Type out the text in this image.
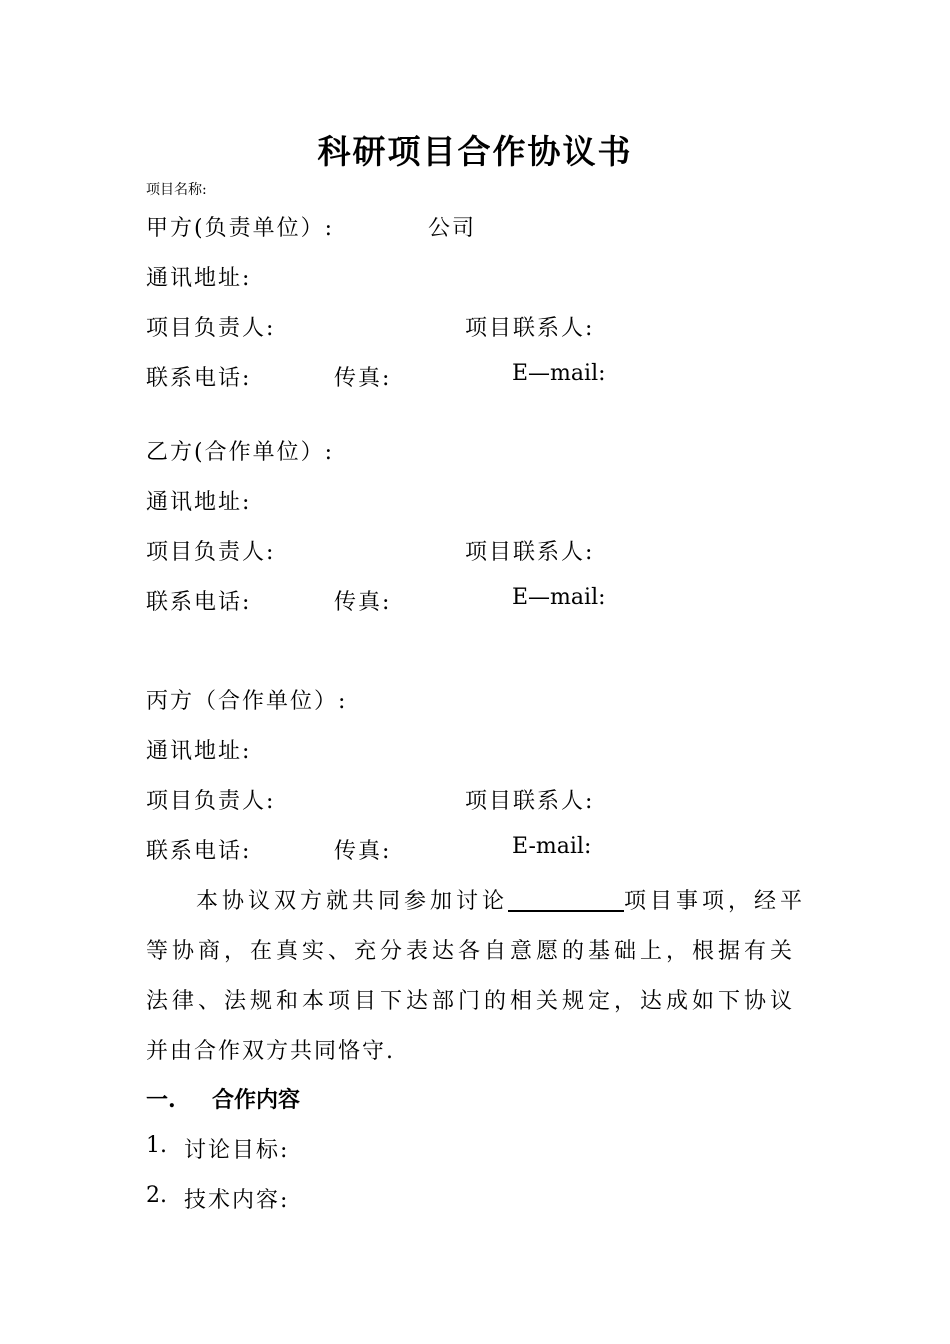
科研项目合作协议书
项目名称:
甲方(负责单位）:	公司
通讯地址:
项目负责人:	项目联系人:
联系电话:	传真:	E—mail:
乙方(合作单位）:
通讯地址:
项目负责人:	项目联系人:
联系电话:	传真:	E—mail:
丙方（合作单位）:
通讯地址:
项目负责人:	项目联系人:
联系电话:	传真:	E-mail:
本协议双方就共同参加讨论	项目事项，经平
等协商，在真实、充分表达各自意愿的基础上，根据有关
法律、法规和本项目下达部门的相关规定，达成如下协议
并由合作双方共同恪守.
一. 合作内容
1. 讨论目标:
2. 技术内容:
